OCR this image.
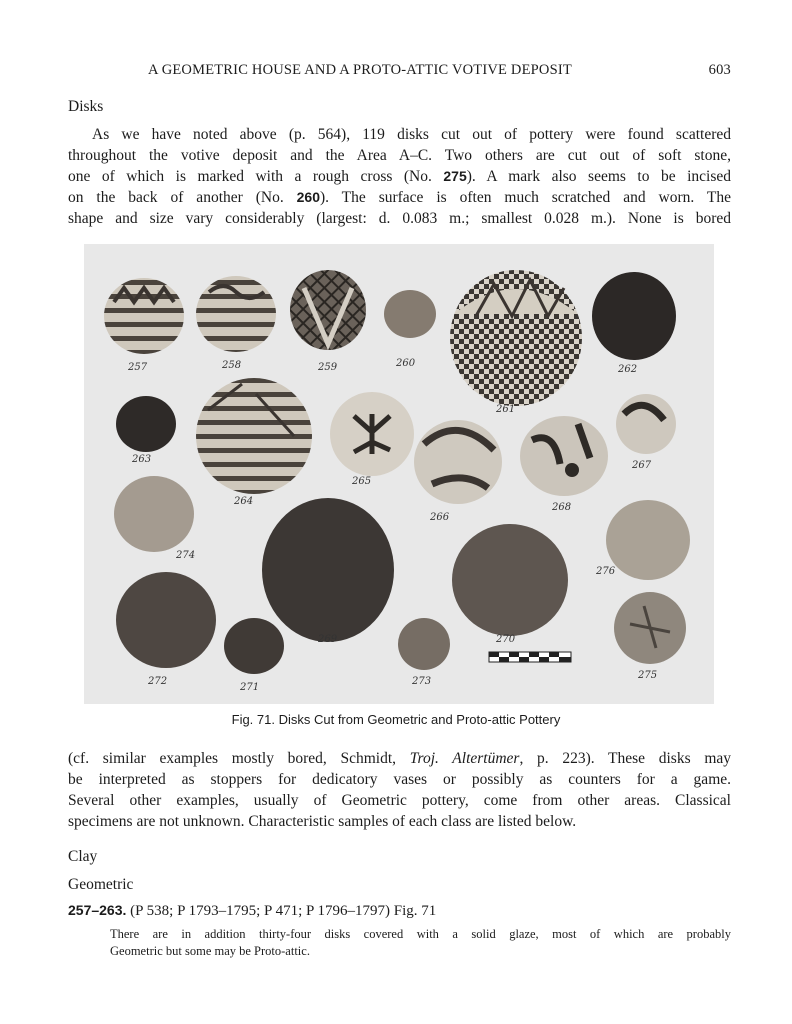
A GEOMETRIC HOUSE AND A PROTO-ATTIC VOTIVE DEPOSIT	603
Disks

As we have noted above (p. 564), 119 disks cut out of pottery were found scattered
throughout the votive deposit and the Area A–C. Two others are cut out of soft stone,
one of which is marked with a rough cross (No. 275). A mark also seems to be incised
on the back of another (No. 260). The surface is often much scratched and worn. The
shape and size vary considerably (largest: d. 0.083 m.; smallest 0.028 m.). None is bored

257	258	259	260
261
262
263
264
265
266
268
267
274
269	270
276
272
271
273
275
Fig. 71. Disks Cut from Geometric and Proto-attic Pottery

(cf. similar examples mostly bored, Schmidt, Troj. Altertümer, p. 223). These disks may
be interpreted as stoppers for dedicatory vases or possibly as counters for a game.
Several other examples, usually of Geometric pottery, come from other areas. Classical
specimens are not unknown. Characteristic samples of each class are listed below.

Clay
Geometric
257–263. (P 538; P 1793–1795; P 471; P 1796–1797) Fig. 71

There are in addition thirty-four disks covered with a solid glaze, most of which are probably
Geometric but some may be Proto-attic.
